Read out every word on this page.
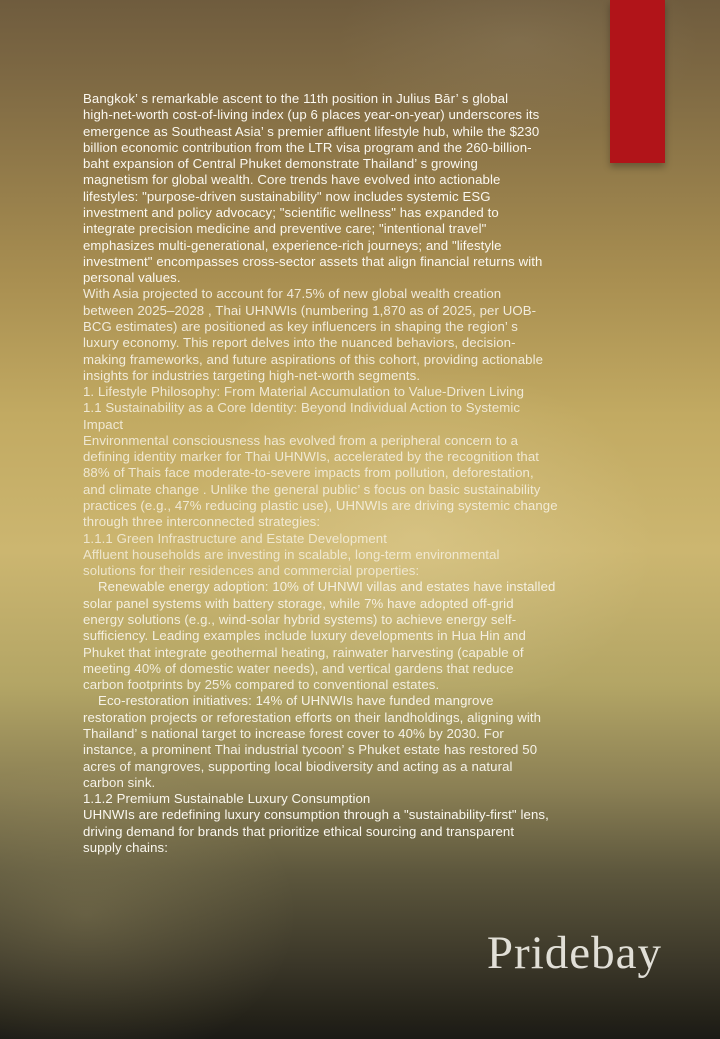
Bangkok’ s remarkable ascent to the 11th position in Julius Bār’ s global
high-net-worth cost-of-living index (up 6 places year-on-year) underscores its
emergence as Southeast Asia’ s premier affluent lifestyle hub, while the $230
billion economic contribution from the LTR visa program and the 260-billion-
baht expansion of Central Phuket demonstrate Thailand’ s growing
magnetism for global wealth. Core trends have evolved into actionable
lifestyles: "purpose-driven sustainability" now includes systemic ESG
investment and policy advocacy; "scientific wellness" has expanded to
integrate precision medicine and preventive care; "intentional travel"
emphasizes multi-generational, experience-rich journeys; and "lifestyle
investment" encompasses cross-sector assets that align financial returns with
personal values.
With Asia projected to account for 47.5% of new global wealth creation
between 2025–2028 , Thai UHNWIs (numbering 1,870 as of 2025, per UOB-
BCG estimates) are positioned as key influencers in shaping the region’ s
luxury economy. This report delves into the nuanced behaviors, decision-
making frameworks, and future aspirations of this cohort, providing actionable
insights for industries targeting high-net-worth segments.
1. Lifestyle Philosophy: From Material Accumulation to Value-Driven Living
1.1 Sustainability as a Core Identity: Beyond Individual Action to Systemic
Impact
Environmental consciousness has evolved from a peripheral concern to a
defining identity marker for Thai UHNWIs, accelerated by the recognition that
88% of Thais face moderate-to-severe impacts from pollution, deforestation,
and climate change . Unlike the general public’ s focus on basic sustainability
practices (e.g., 47% reducing plastic use), UHNWIs are driving systemic change
through three interconnected strategies:
1.1.1 Green Infrastructure and Estate Development
Affluent households are investing in scalable, long-term environmental
solutions for their residences and commercial properties:
Renewable energy adoption: 10% of UHNWI villas and estates have installed
solar panel systems with battery storage, while 7% have adopted off-grid
energy solutions (e.g., wind-solar hybrid systems) to achieve energy self-
sufficiency. Leading examples include luxury developments in Hua Hin and
Phuket that integrate geothermal heating, rainwater harvesting (capable of
meeting 40% of domestic water needs), and vertical gardens that reduce
carbon footprints by 25% compared to conventional estates.
Eco-restoration initiatives: 14% of UHNWIs have funded mangrove
restoration projects or reforestation efforts on their landholdings, aligning with
Thailand’ s national target to increase forest cover to 40% by 2030. For
instance, a prominent Thai industrial tycoon’ s Phuket estate has restored 50
acres of mangroves, supporting local biodiversity and acting as a natural
carbon sink.
1.1.2 Premium Sustainable Luxury Consumption
UHNWIs are redefining luxury consumption through a "sustainability-first" lens,
driving demand for brands that prioritize ethical sourcing and transparent
supply chains:
Pridebay
